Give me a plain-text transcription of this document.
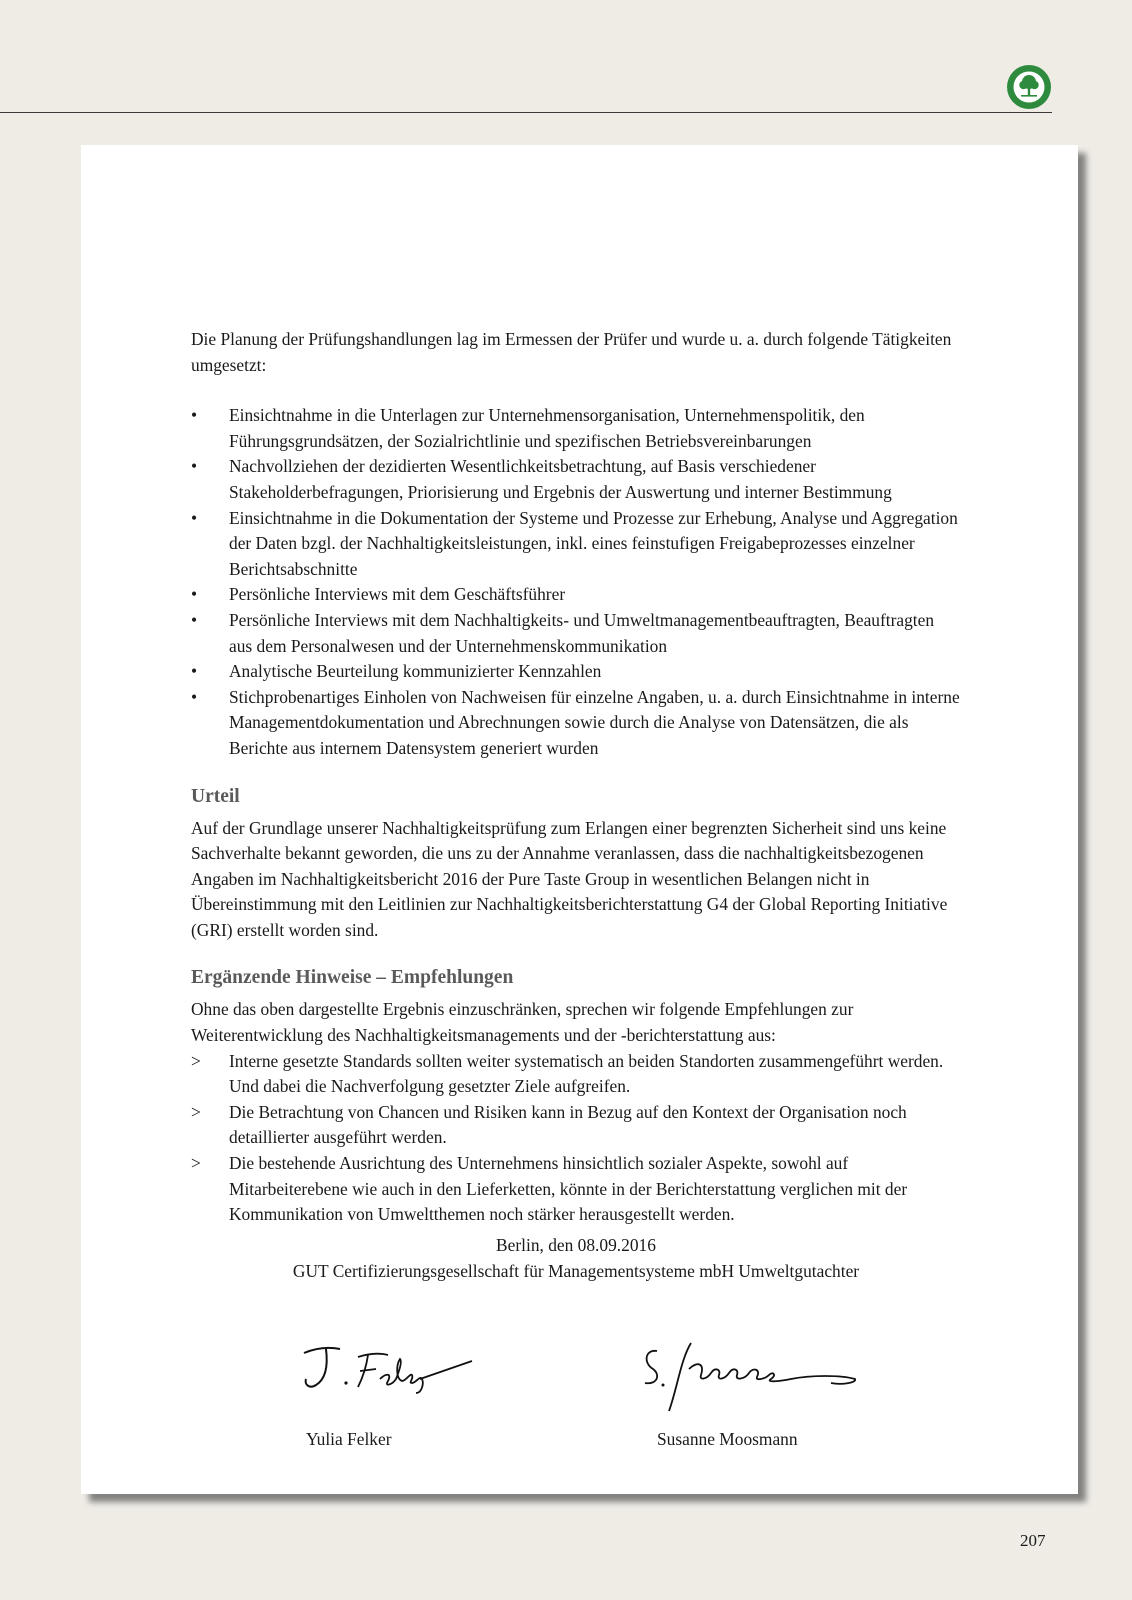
Die Planung der Prüfungshandlungen lag im Ermessen der Prüfer und wurde u. a. durch folgende Tätigkeiten umgesetzt:

•	Einsichtnahme in die Unterlagen zur Unternehmensorganisation, Unternehmenspolitik, den Führungsgrundsätzen, der Sozialrichtlinie und spezifischen Betriebsvereinbarungen
•	Nachvollziehen der dezidierten Wesentlichkeitsbetrachtung, auf Basis verschiedener Stakeholderbefragungen, Priorisierung und Ergebnis der Auswertung und interner Bestimmung
•	Einsichtnahme in die Dokumentation der Systeme und Prozesse zur Erhebung, Analyse und Aggregation der Daten bzgl. der Nachhaltigkeitsleistungen, inkl. eines feinstufigen Freigabeprozesses einzelner Berichtsabschnitte
•	Persönliche Interviews mit dem Geschäftsführer
•	Persönliche Interviews mit dem Nachhaltigkeits- und Umweltmanagementbeauftragten, Beauftragten aus dem Personalwesen und der Unternehmenskommunikation
•	Analytische Beurteilung kommunizierter Kennzahlen
•	Stichprobenartiges Einholen von Nachweisen für einzelne Angaben, u. a. durch Einsichtnahme in interne Managementdokumentation und Abrechnungen sowie durch die Analyse von Datensätzen, die als Berichte aus internem Datensystem generiert wurden
Urteil

Auf der Grundlage unserer Nachhaltigkeitsprüfung zum Erlangen einer begrenzten Sicherheit sind uns keine Sachverhalte bekannt geworden, die uns zu der Annahme veranlassen, dass die nachhaltigkeitsbezogenen Angaben im Nachhaltigkeitsbericht 2016 der Pure Taste Group in wesentlichen Belangen nicht in Übereinstimmung mit den Leitlinien zur Nachhaltigkeitsberichterstattung G4 der Global Reporting Initiative (GRI) erstellt worden sind.

Ergänzende Hinweise – Empfehlungen

Ohne das oben dargestellte Ergebnis einzuschränken, sprechen wir folgende Empfehlungen zur Weiterentwicklung des Nachhaltigkeitsmanagements und der -berichterstattung aus:

>	Interne gesetzte Standards sollten weiter systematisch an beiden Standorten zusammengeführt werden. Und dabei die Nachverfolgung gesetzter Ziele aufgreifen.
>	Die Betrachtung von Chancen und Risiken kann in Bezug auf den Kontext der Organisation noch detaillierter ausgeführt werden.
>	Die bestehende Ausrichtung des Unternehmens hinsichtlich sozialer Aspekte, sowohl auf Mitarbeiterebene wie auch in den Lieferketten, könnte in der Berichterstattung verglichen mit der Kommunikation von Umweltthemen noch stärker herausgestellt werden.
Berlin, den 08.09.2016
GUT Certifizierungsgesellschaft für Managementsysteme mbH Umweltgutachter
Yulia Felker	Susanne Moosmann
207
